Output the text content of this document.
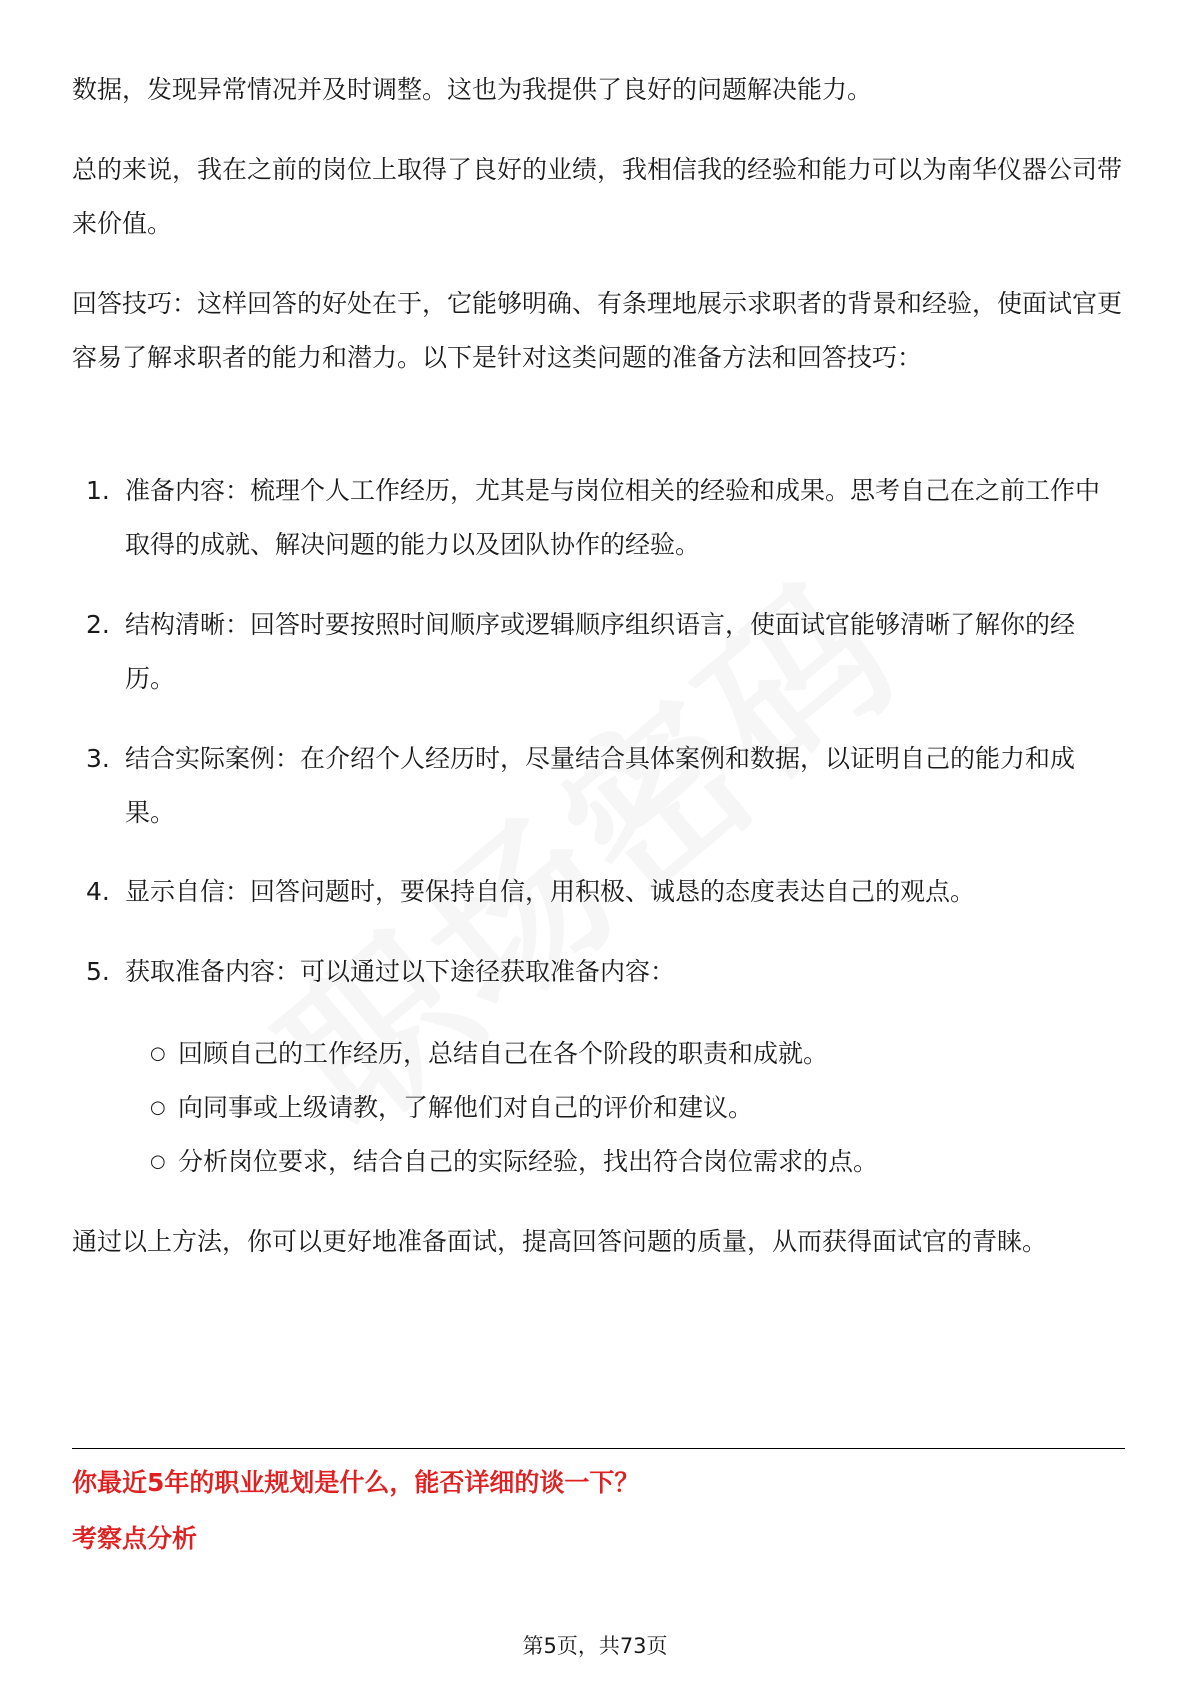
数据，发现异常情况并及时调整。这也为我提供了良好的问题解决能力。

总的来说，我在之前的岗位上取得了良好的业绩，我相信我的经验和能力可以为南华仪器公司带来价值。

回答技巧：这样回答的好处在于，它能够明确、有条理地展示求职者的背景和经验，使面试官更容易了解求职者的能力和潜力。以下是针对这类问题的准备方法和回答技巧：

1. 准备内容：梳理个人工作经历，尤其是与岗位相关的经验和成果。思考自己在之前工作中取得的成就、解决问题的能力以及团队协作的经验。
2. 结构清晰：回答时要按照时间顺序或逻辑顺序组织语言，使面试官能够清晰了解你的经历。
3. 结合实际案例：在介绍个人经历时，尽量结合具体案例和数据，以证明自己的能力和成果。
4. 显示自信：回答问题时，要保持自信，用积极、诚恳的态度表达自己的观点。
5. 获取准备内容：可以通过以下途径获取准备内容：
○ 回顾自己的工作经历，总结自己在各个阶段的职责和成就。
○ 向同事或上级请教，了解他们对自己的评价和建议。
○ 分析岗位要求，结合自己的实际经验，找出符合岗位需求的点。

通过以上方法，你可以更好地准备面试，提高回答问题的质量，从而获得面试官的青睐。

你最近5年的职业规划是什么，能否详细的谈一下？
考察点分析
第5页，共73页
